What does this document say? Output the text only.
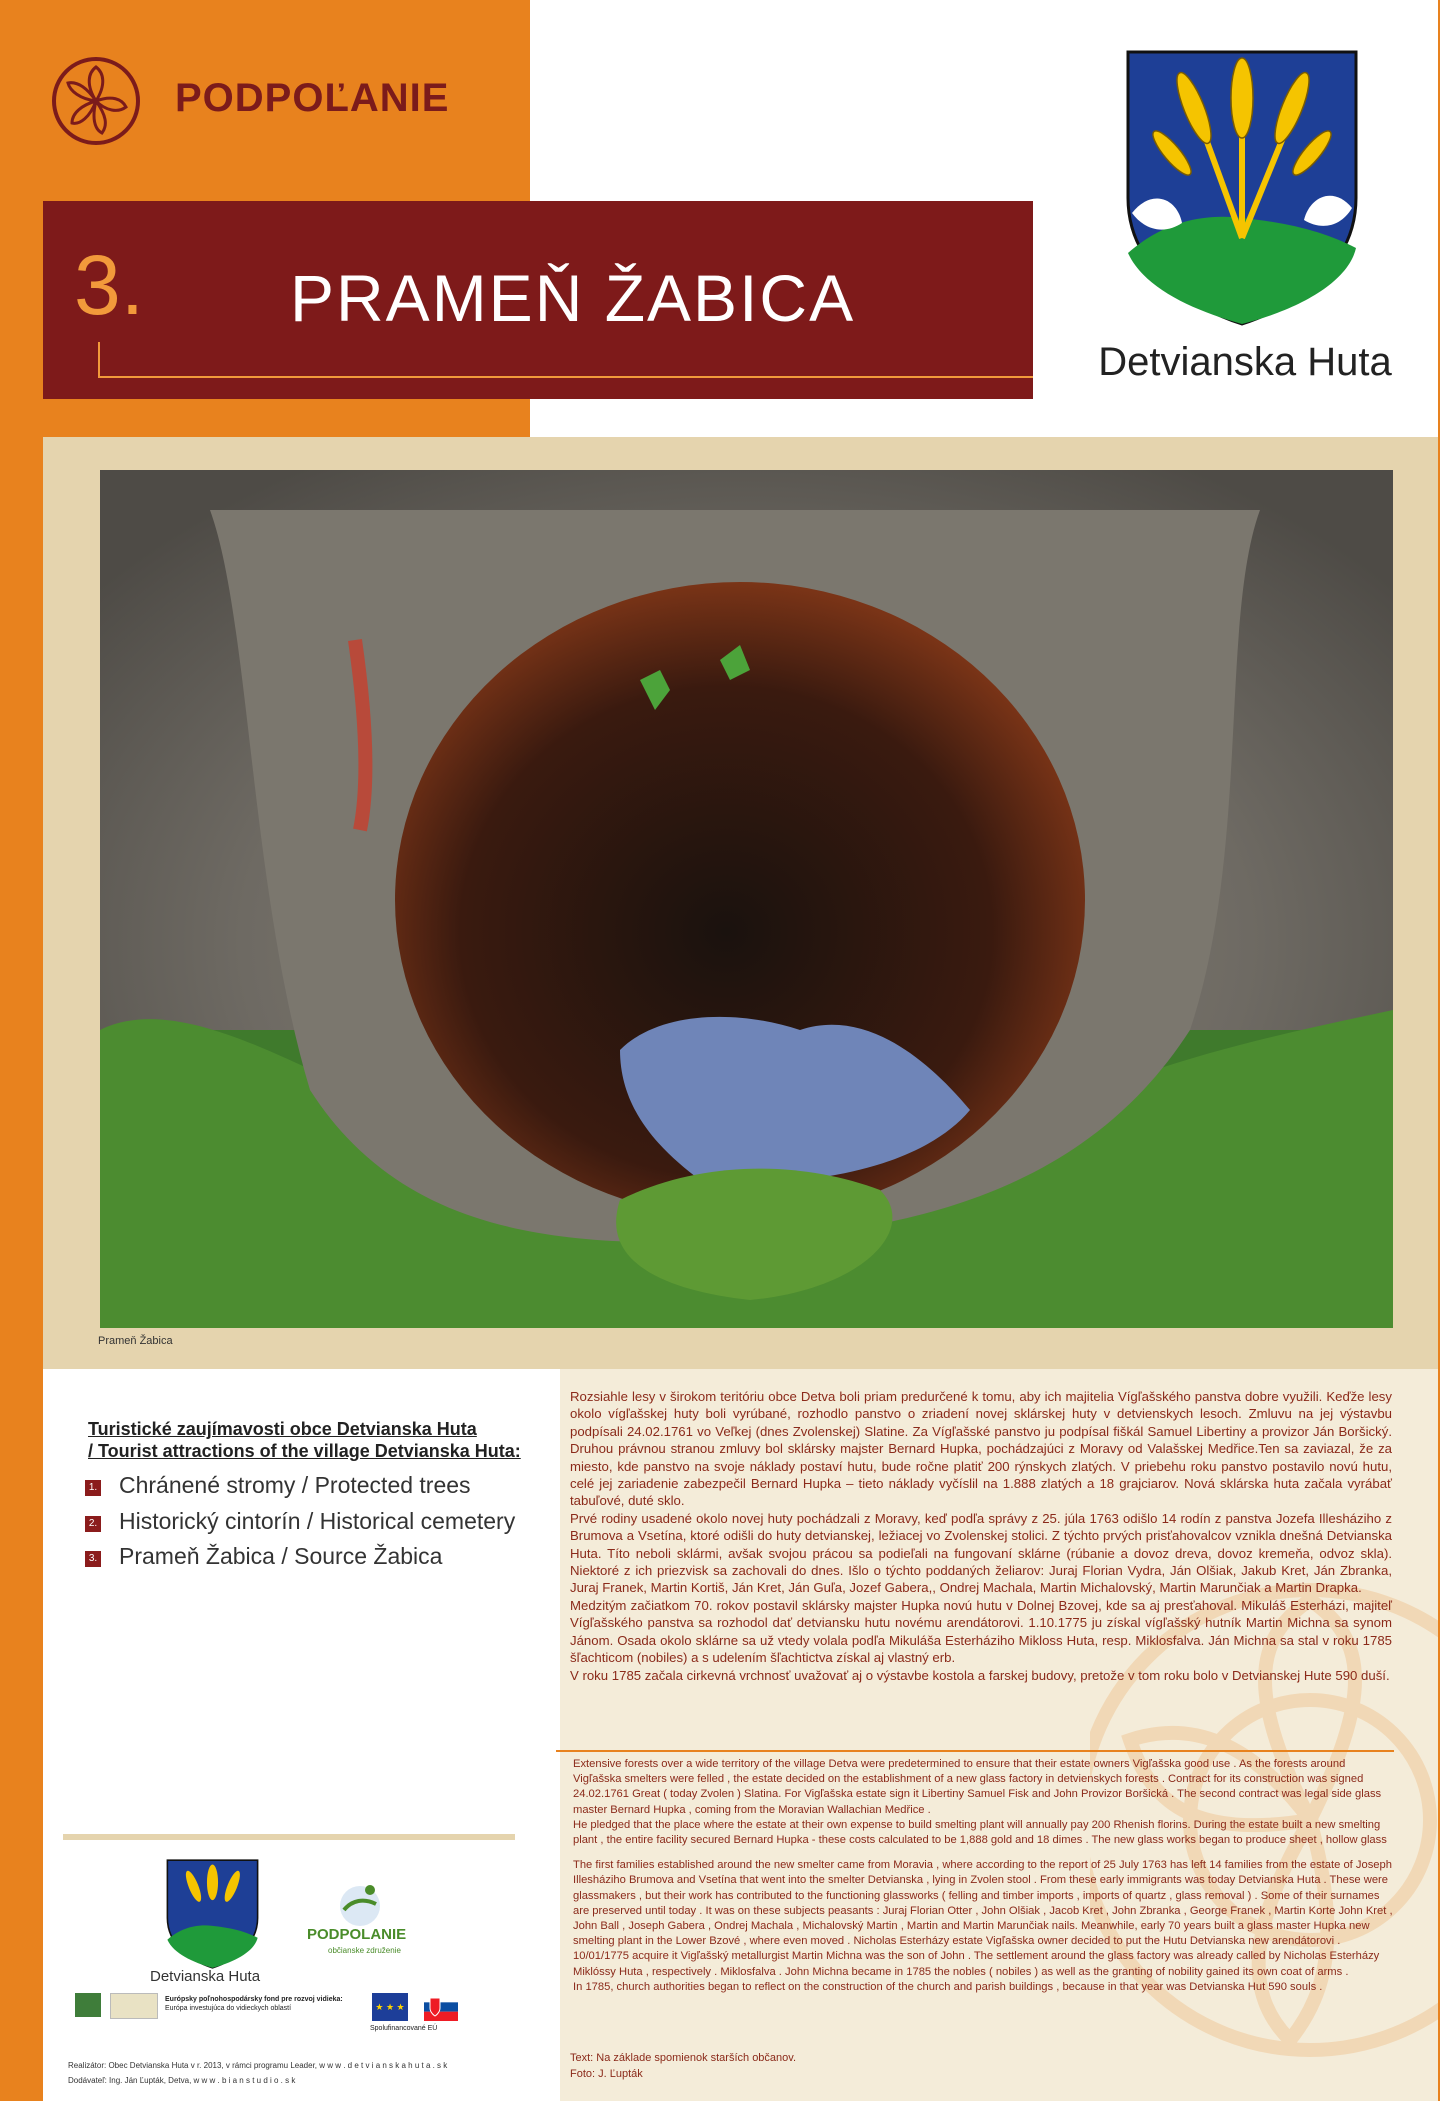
PODPOĽANIE
3. PRAMEŇ ŽABICA
Detvianska Huta
Prameň Žabica
Turistické zaujímavosti obce Detvianska Huta
/ Tourist attractions of the village Detvianska Huta:
1. Chránené stromy / Protected trees
2. Historický cintorín / Historical cemetery
3. Prameň Žabica / Source Žabica
Detvianska Huta
PODPOLANIE
občianske združenie
Európsky poľnohospodársky fond pre rozvoj vidieka:
Európa investujúca do vidieckych oblastí	★ ★ ★
Spolufinancované EÚ
Realizátor: Obec Detvianska Huta v r. 2013, v rámci programu Leader, w w w . d e t v i a n s k a h u t a . s k
Dodávateľ: Ing. Ján Ľupták, Detva, w w w . b i a n s t u d i o . s k

Rozsiahle lesy v širokom teritóriu obce Detva boli priam predurčené k tomu, aby ich majitelia Vígľašského panstva dobre využili. Keďže lesy okolo vígľašskej huty boli vyrúbané, rozhodlo panstvo o zriadení novej sklárskej huty v detvienskych lesoch. Zmluvu na jej výstavbu podpísali 24.02.1761 vo Veľkej (dnes Zvolenskej) Slatine. Za Vígľašské panstvo ju podpísal fiškál Samuel Libertiny a provizor Ján Boršický. Druhou právnou stranou zmluvy bol sklársky majster Bernard Hupka, pochádzajúci z Moravy od Valašskej Medřice.Ten sa zaviazal, že za miesto, kde panstvo na svoje náklady postaví hutu, bude ročne platiť 200 rýnskych zlatých. V priebehu roku panstvo postavilo novú hutu, celé jej zariadenie zabezpečil Bernard Hupka – tieto náklady vyčíslil na 1.888 zlatých a 18 grajciarov. Nová sklárska huta začala vyrábať tabuľové, duté sklo.

Prvé rodiny usadené okolo novej huty pochádzali z Moravy, keď podľa správy z 25. júla 1763 odišlo 14 rodín z panstva Jozefa Illesháziho z Brumova a Vsetína, ktoré odišli do huty detvianskej, ležiacej vo Zvolenskej stolici. Z týchto prvých prisťahovalcov vznikla dnešná Detvianska Huta. Títo neboli sklármi, avšak svojou prácou sa podieľali na fungovaní sklárne (rúbanie a dovoz dreva, dovoz kremeňa, odvoz skla). Niektoré z ich priezvisk sa zachovali do dnes. Išlo o týchto poddaných želiarov: Juraj Florian Vydra, Ján Olšiak, Jakub Kret, Ján Zbranka, Juraj Franek, Martin Kortiš, Ján Kret, Ján Guľa, Jozef Gabera,, Ondrej Machala, Martin Michalovský, Martin Marunčiak a Martin Drapka.

Medzitým začiatkom 70. rokov postavil sklársky majster Hupka novú hutu v Dolnej Bzovej, kde sa aj presťahoval. Mikuláš Esterházi, majiteľ Vígľašského panstva sa rozhodol dať detviansku hutu novému arendátorovi. 1.10.1775 ju získal vígľašský hutník Martin Michna sa synom Jánom. Osada okolo sklárne sa už vtedy volala podľa Mikuláša Esterháziho Mikloss Huta, resp. Miklosfalva. Ján Michna sa stal v roku 1785 šľachticom (nobiles) a s udelením šľachtictva získal aj vlastný erb.

V roku 1785 začala cirkevná vrchnosť uvažovať aj o výstavbe kostola a farskej budovy, pretože v tom roku bolo v Detvianskej Hute 590 duší.

Extensive forests over a wide territory of the village Detva were predetermined to ensure that their estate owners Vigľašska good use . As the forests around Vigľašska smelters were felled , the estate decided on the establishment of a new glass factory in detvienskych forests . Contract for its construction was signed 24.02.1761 Great ( today Zvolen ) Slatina. For Vigľašska estate sign it Libertiny Samuel Fisk and John Provizor Boršická . The second contract was legal side glass master Bernard Hupka , coming from the Moravian Wallachian Medřice .

He pledged that the place where the estate at their own expense to build smelting plant will annually pay 200 Rhenish florins. During the estate built a new smelting plant , the entire facility secured Bernard Hupka - these costs calculated to be 1,888 gold and 18 dimes . The new glass works began to produce sheet , hollow glass

The first families established around the new smelter came from Moravia , where according to the report of 25 July 1763 has left 14 families from the estate of Joseph Illesháziho Brumova and Vsetína that went into the smelter Detvianska , lying in Zvolen stool . From these early immigrants was today Detvianska Huta . These were glassmakers , but their work has contributed to the functioning glassworks ( felling and timber imports , imports of quartz , glass removal ) . Some of their surnames are preserved until today . It was on these subjects peasants : Juraj Florian Otter , John Olšiak , Jacob Kret , John Zbranka , George Franek , Martin Korte John Kret , John Ball , Joseph Gabera , Ondrej Machala , Michalovský Martin , Martin and Martin Marunčiak nails. Meanwhile, early 70 years built a glass master Hupka new smelting plant in the Lower Bzové , where even moved . Nicholas Esterházy estate Vigľašska owner decided to put the Hutu Detvianska new arendátorovi . 10/01/1775 acquire it Vigľašský metallurgist Martin Michna was the son of John . The settlement around the glass factory was already called by Nicholas Esterházy Miklóssy Huta , respectively . Miklosfalva . John Michna became in 1785 the nobles ( nobiles ) as well as the granting of nobility gained its own coat of arms .

In 1785, church authorities began to reflect on the construction of the church and parish buildings , because in that year was Detvianska Hut 590 souls .

Text: Na základe spomienok starších občanov.
Foto: J. Ľupták
